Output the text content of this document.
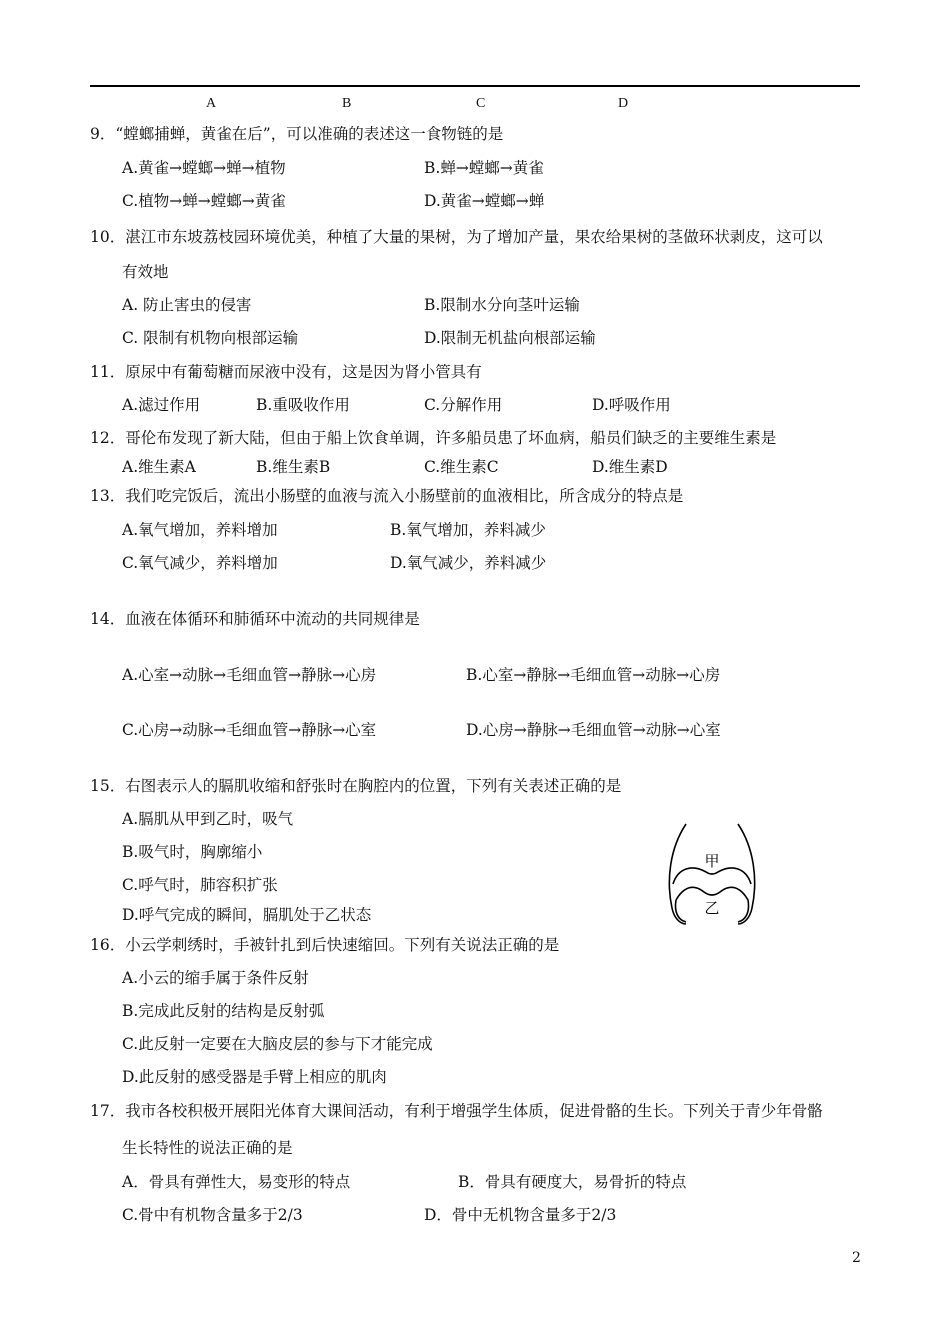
A	B	C	D
9．“螳螂捕蝉，黄雀在后”，可以准确的表述这一食物链的是
A.黄雀→螳螂→蝉→植物	B.蝉→螳螂→黄雀
C.植物→蝉→螳螂→黄雀	D.黄雀→螳螂→蝉
10．湛江市东坡荔枝园环境优美，种植了大量的果树，为了增加产量，果农给果树的茎做环状剥皮，这可以
有效地
A. 防止害虫的侵害	B.限制水分向茎叶运输
C. 限制有机物向根部运输	D.限制无机盐向根部运输
11．原尿中有葡萄糖而尿液中没有，这是因为肾小管具有
A.滤过作用	B.重吸收作用	C.分解作用	D.呼吸作用
12．哥伦布发现了新大陆，但由于船上饮食单调，许多船员患了坏血病，船员们缺乏的主要维生素是
A.维生素A	B.维生素B	C.维生素C	D.维生素D
13．我们吃完饭后，流出小肠壁的血液与流入小肠壁前的血液相比，所含成分的特点是
A.氧气增加，养料增加	B.氧气增加，养料减少
C.氧气减少，养料增加	D.氧气减少，养料减少
14．血液在体循环和肺循环中流动的共同规律是
A.心室→动脉→毛细血管→静脉→心房	B.心室→静脉→毛细血管→动脉→心房
C.心房→动脉→毛细血管→静脉→心室	D.心房→静脉→毛细血管→动脉→心室
15．右图表示人的膈肌收缩和舒张时在胸腔内的位置，下列有关表述正确的是
A.膈肌从甲到乙时，吸气
B.吸气时，胸廓缩小
C.呼气时，肺容积扩张
D.呼气完成的瞬间，膈肌处于乙状态
甲
乙
16．小云学刺绣时，手被针扎到后快速缩回。下列有关说法正确的是
A.小云的缩手属于条件反射
B.完成此反射的结构是反射弧
C.此反射一定要在大脑皮层的参与下才能完成
D.此反射的感受器是手臂上相应的肌肉
17．我市各校积极开展阳光体育大课间活动，有利于增强学生体质，促进骨骼的生长。下列关于青少年骨骼
生长特性的说法正确的是
A．骨具有弹性大，易变形的特点	B．骨具有硬度大，易骨折的特点
C.骨中有机物含量多于2/3	D．骨中无机物含量多于2/3
2
